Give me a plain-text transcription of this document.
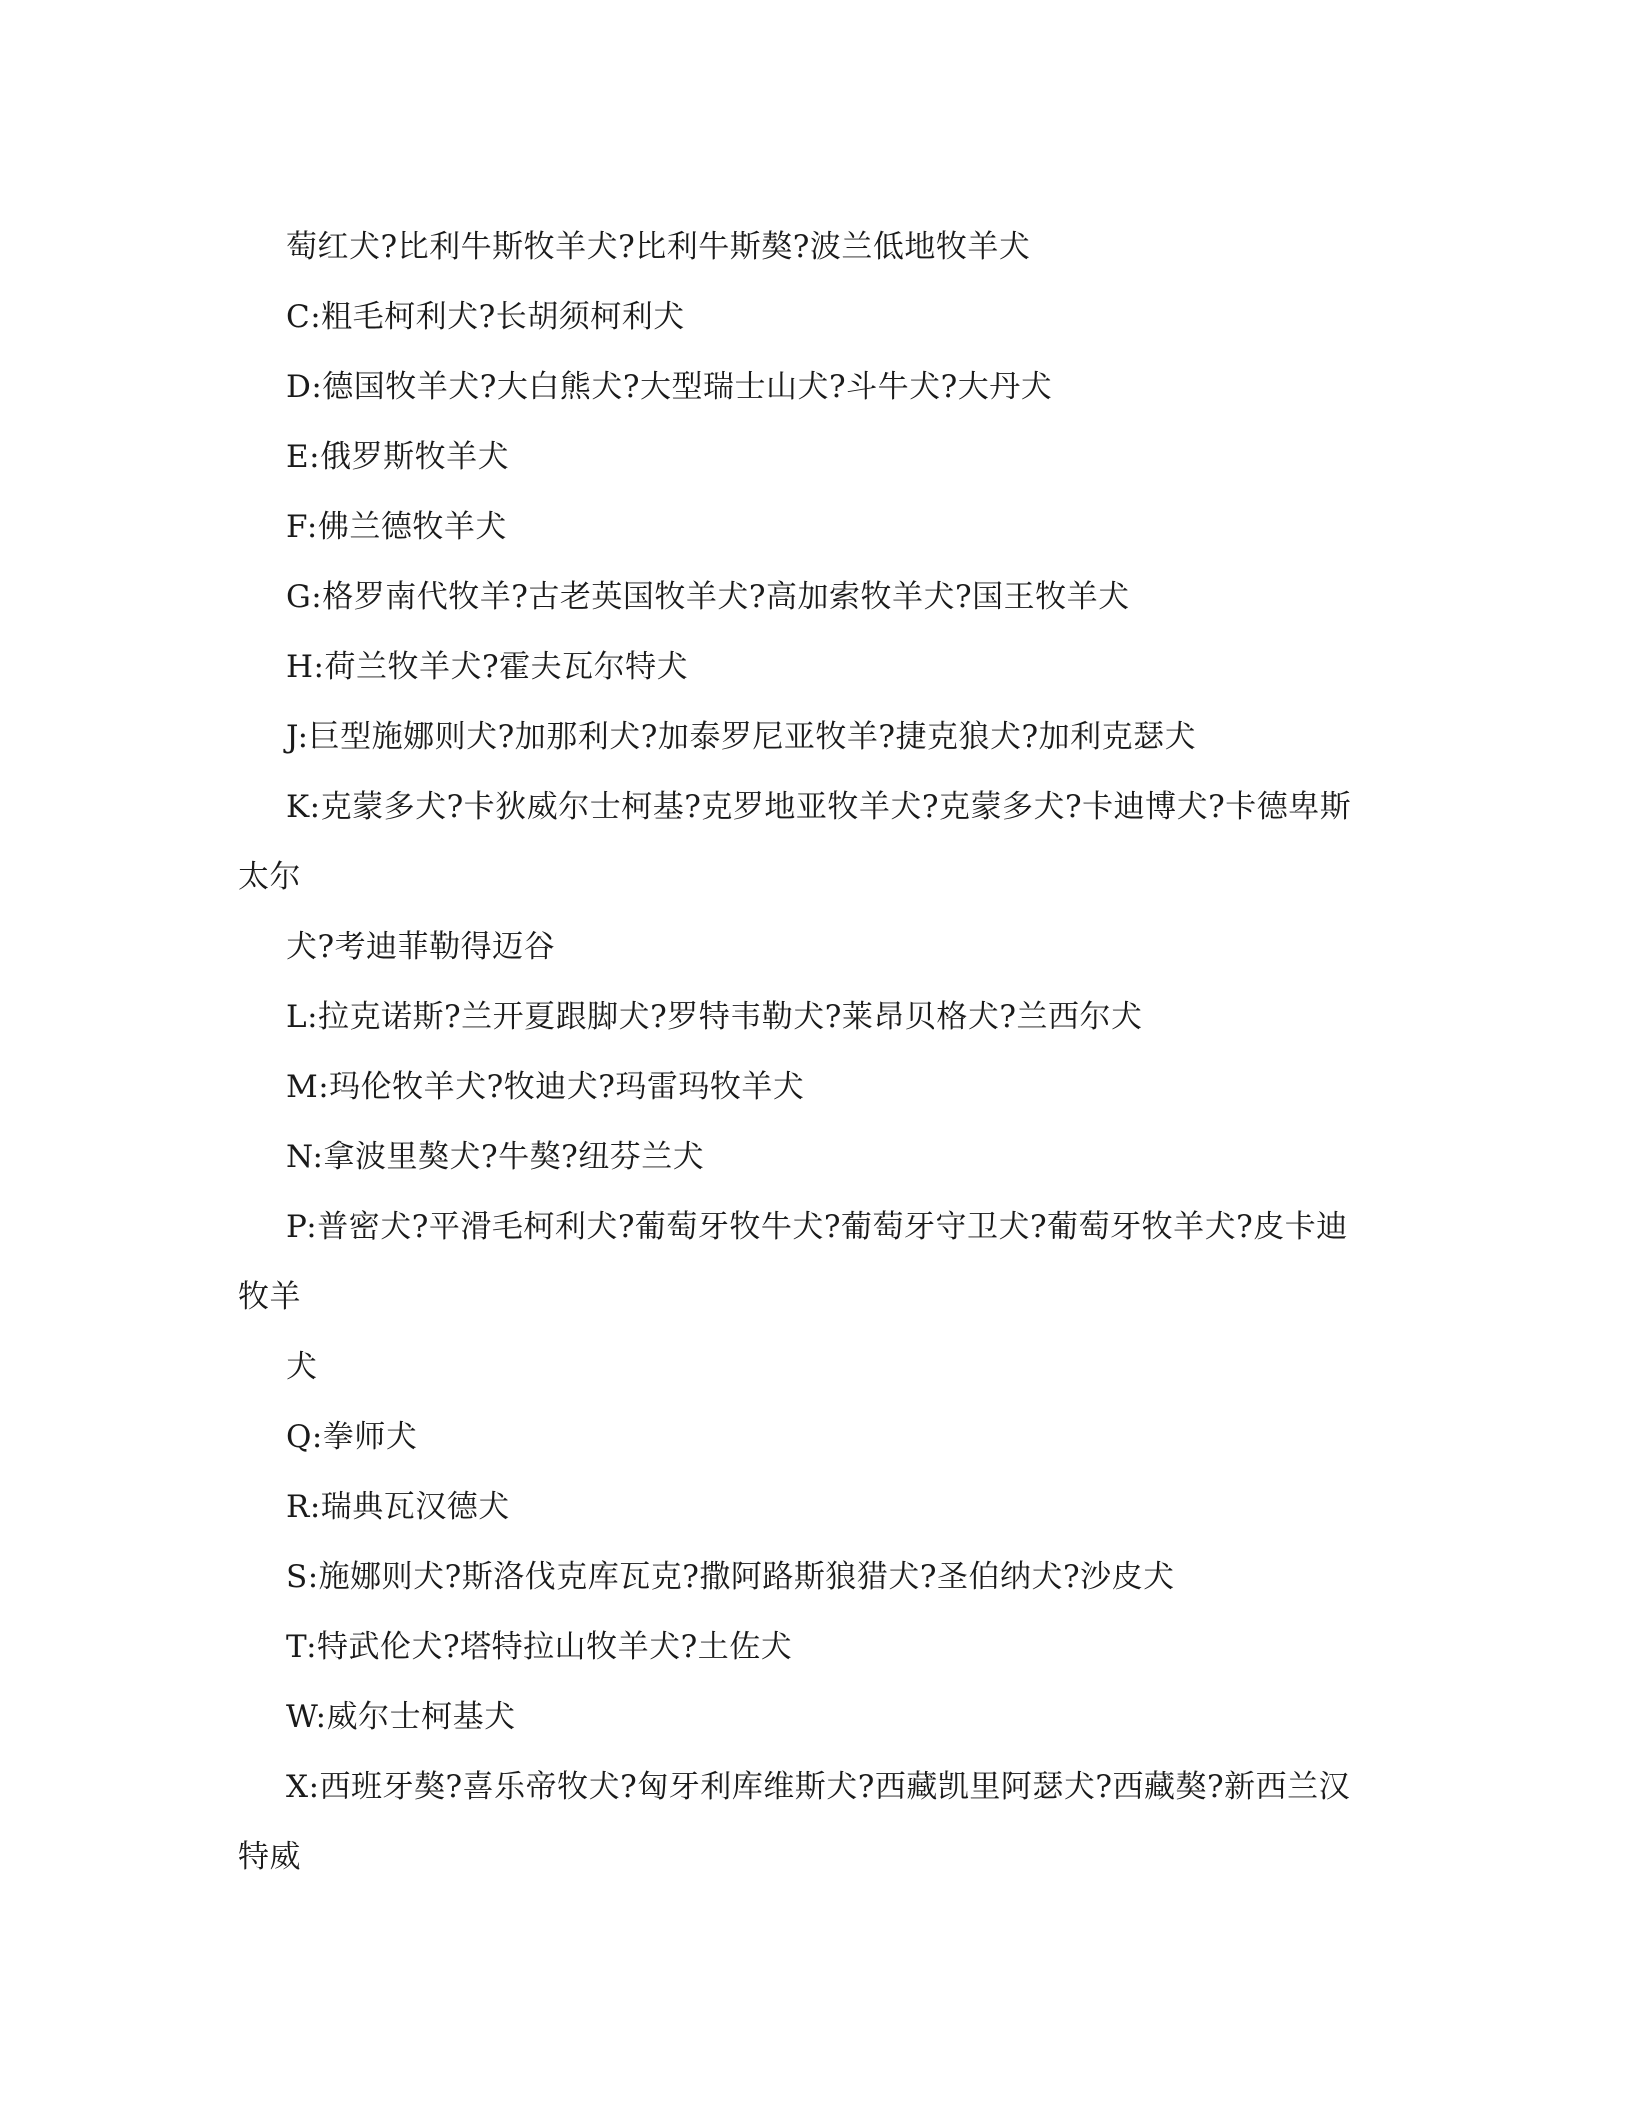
萄红犬?比利牛斯牧羊犬?比利牛斯獒?波兰低地牧羊犬
C:粗毛柯利犬?长胡须柯利犬
D:德国牧羊犬?大白熊犬?大型瑞士山犬?斗牛犬?大丹犬
E:俄罗斯牧羊犬
F:佛兰德牧羊犬
G:格罗南代牧羊?古老英国牧羊犬?高加索牧羊犬?国王牧羊犬
H:荷兰牧羊犬?霍夫瓦尔特犬
J:巨型施娜则犬?加那利犬?加泰罗尼亚牧羊?捷克狼犬?加利克瑟犬
K:克蒙多犬?卡狄威尔士柯基?克罗地亚牧羊犬?克蒙多犬?卡迪博犬?卡德卑斯
太尔
犬?考迪菲勒得迈谷
L:拉克诺斯?兰开夏跟脚犬?罗特韦勒犬?莱昂贝格犬?兰西尔犬
M:玛伦牧羊犬?牧迪犬?玛雷玛牧羊犬
N:拿波里獒犬?牛獒?纽芬兰犬
P:普密犬?平滑毛柯利犬?葡萄牙牧牛犬?葡萄牙守卫犬?葡萄牙牧羊犬?皮卡迪
牧羊
犬
Q:拳师犬
R:瑞典瓦汉德犬
S:施娜则犬?斯洛伐克库瓦克?撒阿路斯狼猎犬?圣伯纳犬?沙皮犬
T:特武伦犬?塔特拉山牧羊犬?土佐犬
W:威尔士柯基犬
X:西班牙獒?喜乐帝牧犬?匈牙利库维斯犬?西藏凯里阿瑟犬?西藏獒?新西兰汉
特威
